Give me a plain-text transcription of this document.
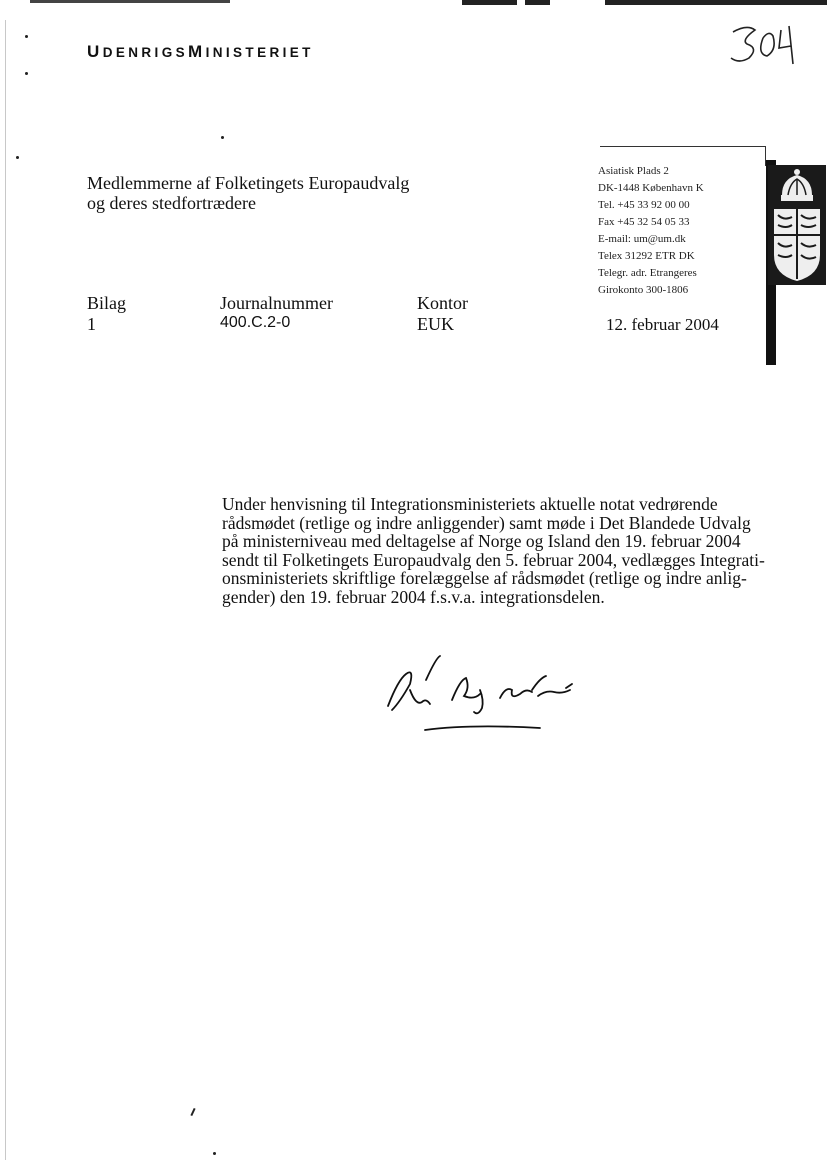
UDENRIGSMINISTERIET
Medlemmerne af Folketingets Europaudvalg
og deres stedfortrædere
Asiatisk Plads 2
DK-1448 København K
Tel. +45 33 92 00 00
Fax +45 32 54 05 33
E-mail: um@um.dk
Telex 31292 ETR DK
Telegr. adr. Etrangeres
Girokonto 300-1806
Bilag
1
Journalnummer
400.C.2-0
Kontor
EUK	12. februar 2004

Under henvisning til Integrationsministeriets aktuelle notat vedrørende

rådsmødet (retlige og indre anliggender) samt møde i Det Blandede Udvalg

på ministerniveau med deltagelse af Norge og Island den 19. februar 2004

sendt til Folketingets Europaudvalg den 5. februar 2004, vedlægges Integrati-

onsministeriets skriftlige forelæggelse af rådsmødet (retlige og indre anlig-

gender) den 19. februar 2004 f.s.v.a. integrationsdelen.
